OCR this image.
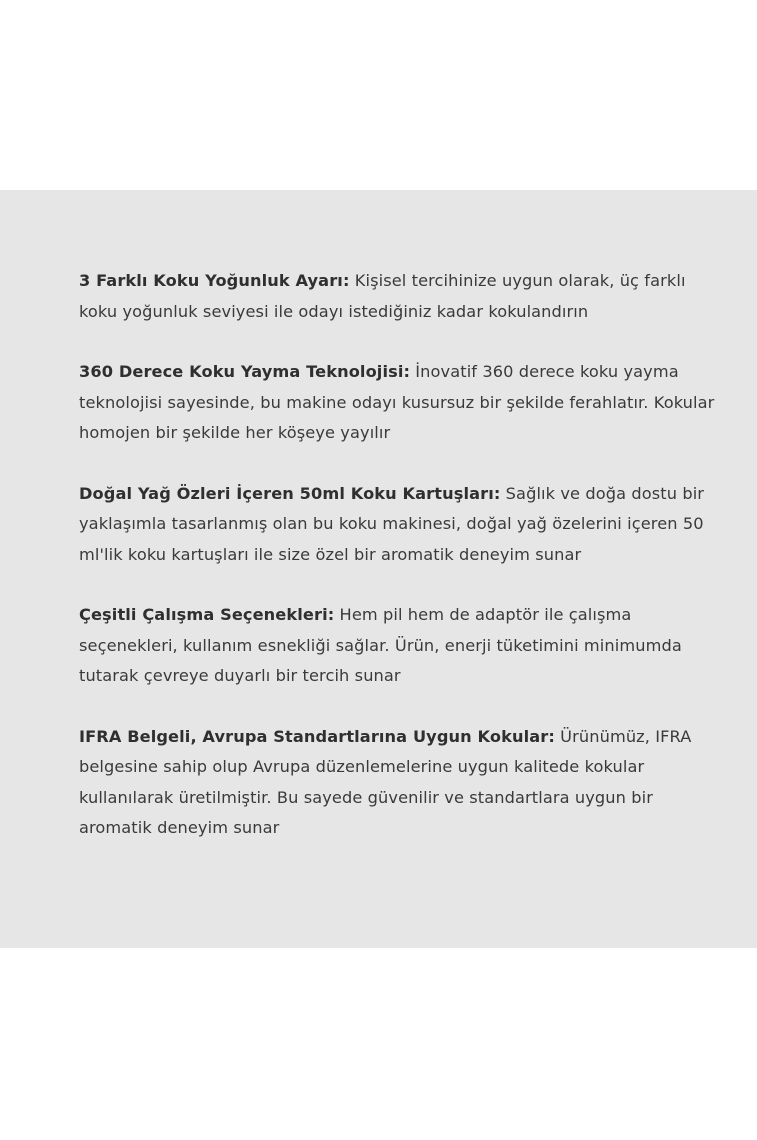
3 Farklı Koku Yoğunluk Ayarı: Kişisel tercihinize uygun olarak, üç farklı koku yoğunluk seviyesi ile odayı istediğiniz kadar kokulandırın

360 Derece Koku Yayma Teknolojisi: İnovatif 360 derece koku yayma teknolojisi sayesinde, bu makine odayı kusursuz bir şekilde ferahlatır. Kokular homojen bir şekilde her köşeye yayılır

Doğal Yağ Özleri İçeren 50ml Koku Kartuşları: Sağlık ve doğa dostu bir yaklaşımla tasarlanmış olan bu koku makinesi, doğal yağ özelerini içeren 50 ml'lik koku kartuşları ile size özel bir aromatik deneyim sunar

Çeşitli Çalışma Seçenekleri: Hem pil hem de adaptör ile çalışma seçenekleri, kullanım esnekliği sağlar. Ürün, enerji tüketimini minimumda tutarak çevreye duyarlı bir tercih sunar

IFRA Belgeli, Avrupa Standartlarına Uygun Kokular: Ürünümüz, IFRA belgesine sahip olup Avrupa düzenlemelerine uygun kalitede kokular kullanılarak üretilmiştir. Bu sayede güvenilir ve standartlara uygun bir aromatik deneyim sunar
